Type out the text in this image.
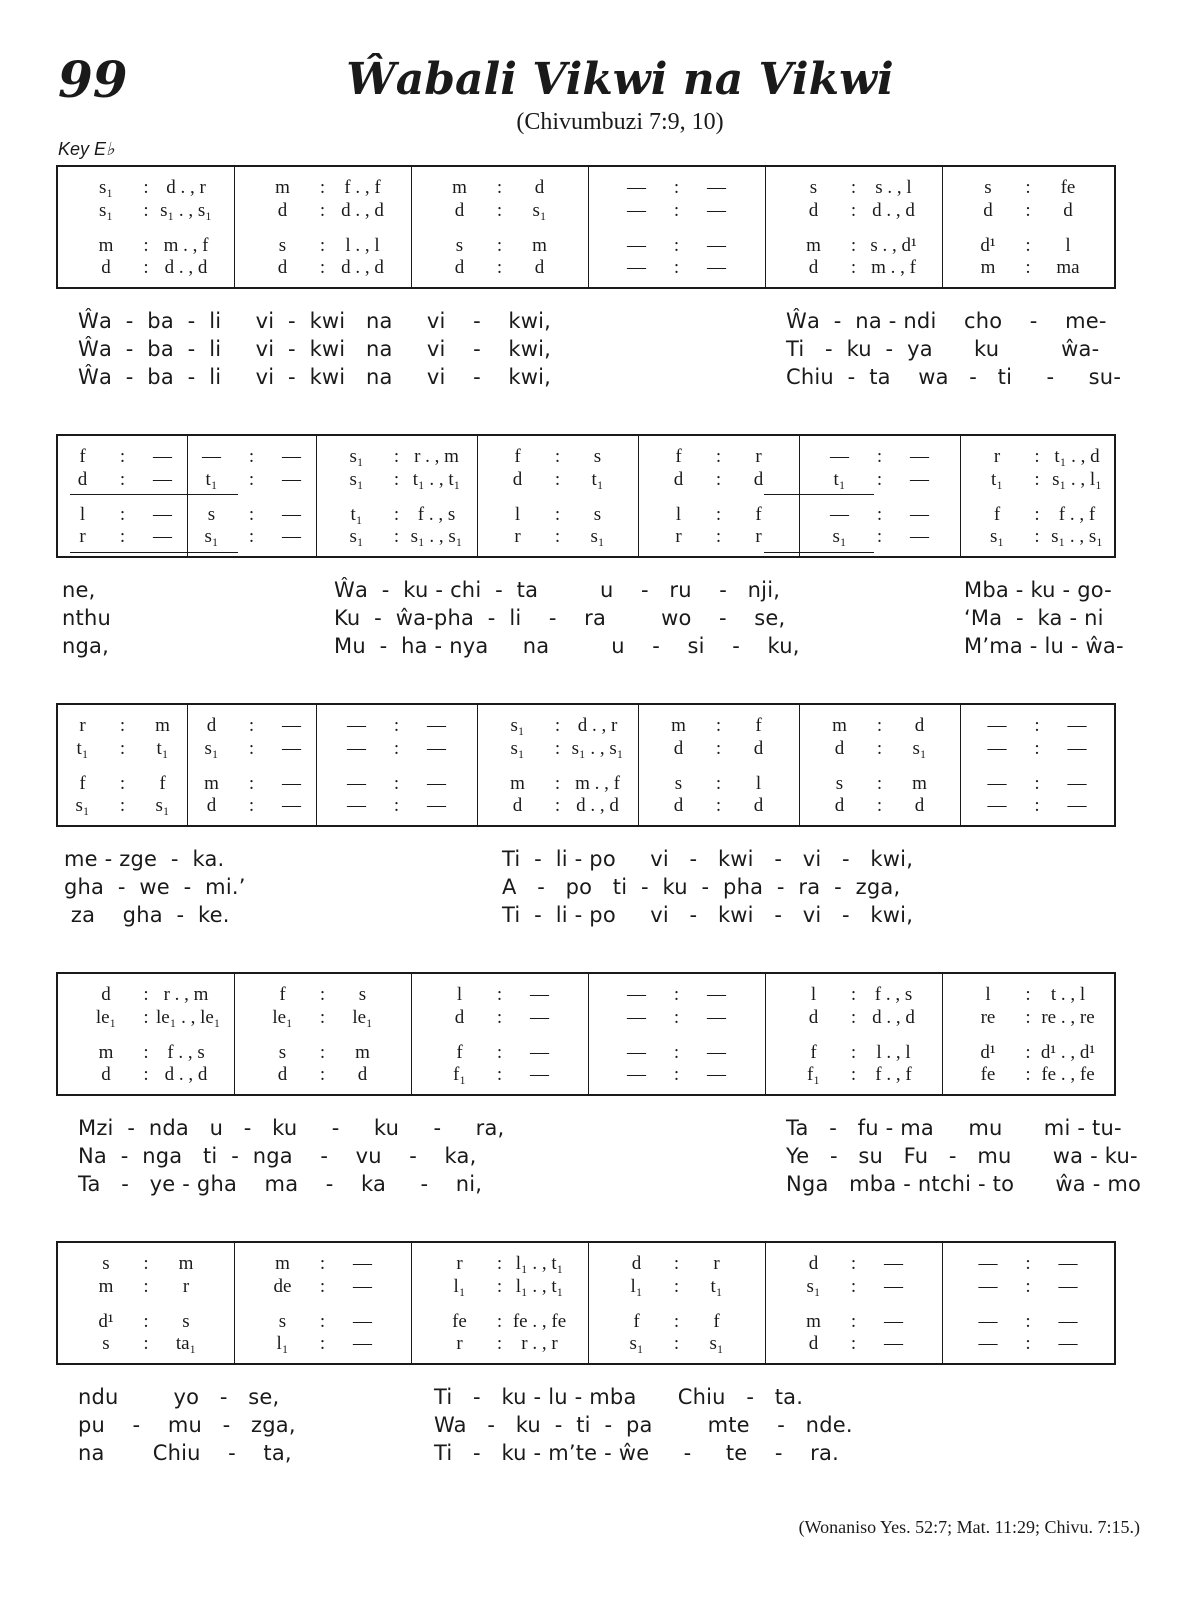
99	Ŵabali Vikwi na Vikwi
(Chivumbuzi 7:9, 10)
Key E♭
s₁ : d . , r	m : f . , f	m : d	— : —	s : s . , l	s : fe
s₁ : s₁ . , s₁	d : d . , d	d : s₁	— : —	d : d . , d	d : d
m : m . , f	s : l . , l	s : m	— : —	m : s . , d¹	d¹ : l
d : d . , d	d : d . , d	d : d	— : —	d : m . , f	m : ma
Ŵa  -  ba  -  li     vi  -  kwi   na     vi    -    kwi,	Ŵa  -  na - ndi    cho    -    me-
Ŵa  -  ba  -  li     vi  -  kwi   na     vi    -    kwi,	Ti   -  ku  -  ya      ku         ŵa-
Ŵa  -  ba  -  li     vi  -  kwi   na     vi    -    kwi,	Chiu  -  ta    wa   -   ti     -     su-
f : —	— : —	s₁ : r . , m	f : s	f : r	— : —	r : t₁ . , d
d : —	t₁ : —	s₁ : t₁ . , t₁	d : t₁	d : d	t₁ : —	t₁ : s₁ . , l₁
l : —	s : —	t₁ : f . , s	l : s	l : f	— : —	f : f . , f
r : —	s₁ : —	s₁ : s₁ . , s₁	r : s₁	r : r	s₁ : —	s₁ : s₁ . , s₁
ne,	Ŵa  -  ku - chi  -  ta         u    -   ru    -   nji,	Mba - ku - go-
nthu	Ku  -  ŵa-pha  -  li    -    ra        wo    -    se,	‘Ma  -  ka - ni
nga,	Mu  -  ha - nya     na         u    -    si    -    ku,	M’ma - lu - ŵa-
r : m	d : —	— : —	s₁ : d . , r	m : f	m : d	— : —
t₁ : t₁	s₁ : —	— : —	s₁ : s₁ . , s₁	d : d	d : s₁	— : —
f : f	m : —	— : —	m : m . , f	s : l	s : m	— : —
s₁ : s₁	d : —	— : —	d : d . , d	d : d	d : d	— : —
me - zge  -  ka.	Ti  -  li - po     vi   -   kwi   -   vi   -   kwi,
gha  -  we  -  mi.’	A   -   po   ti  -  ku  -  pha  -  ra  -  zga,
za    gha  -  ke.	Ti  -  li - po     vi   -   kwi   -   vi   -   kwi,
d : r . , m	f : s	l : —	— : —	l : f . , s	l : t . , l
le₁ : le₁ . , le₁	le₁ : le₁	d : —	— : —	d : d . , d	re : re . , re
m : f . , s	s : m	f : —	— : —	f : l . , l	d¹ : d¹ . , d¹
d : d . , d	d : d	f₁ : —	— : —	f₁ : f . , f	fe : fe . , fe
Mzi  -  nda   u   -   ku     -     ku     -     ra,	Ta   -   fu - ma     mu      mi - tu-
Na  -  nga   ti  -  nga    -    vu    -    ka,	Ye   -   su   Fu   -   mu      wa - ku-
Ta   -   ye - gha    ma    -    ka     -    ni,	Nga   mba - ntchi - to      ŵa - mo
s : m	m : —	r : l₁ . , t₁	d : r	d : —	— : —
m : r	de : —	l₁ : l₁ . , t₁	l₁ : t₁	s₁ : —	— : —
d¹ : s	s : —	fe : fe . , fe	f : f	m : —	— : —
s : ta₁	l₁ : —	r : r . , r	s₁ : s₁	d : —	— : —
ndu        yo   -   se,	Ti   -   ku - lu - mba      Chiu   -   ta.
pu    -    mu   -   zga,	Wa   -   ku  -  ti  -  pa        mte    -   nde.
na       Chiu    -    ta,	Ti   -   ku - m’te - ŵe     -     te    -    ra.
(Wonaniso Yes. 52:7; Mat. 11:29; Chivu. 7:15.)
